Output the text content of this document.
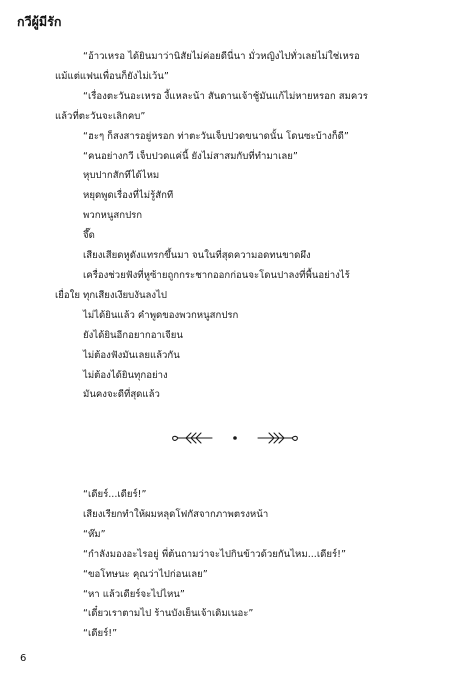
กวีผู้มีรัก

“อ้าวเหรอ ได้ยินมาว่านิสัยไม่ค่อยดีนี่นา มั่วหญิงไปทั่วเลยไม่ใช่เหรอ

แม้แต่แฟนเพื่อนก็ยังไม่เว้น”

“เรื่องตะวันอะเหรอ งี้แหละน้า สันดานเจ้าชู้มันแก้ไม่หายหรอก สมควร

แล้วที่ตะวันจะเลิกคบ”

“ฮะๆ ก็สงสารอยู่หรอก ท่าตะวันเจ็บปวดขนาดนั้น โดนซะบ้างก็ดี”

“คนอย่างกวี เจ็บปวดแค่นี้ ยังไม่สาสมกับที่ทำมาเลย”

หุบปากสักทีได้ไหม

หยุดพูดเรื่องที่ไม่รู้สักที

พวกหนูสกปรก

จึ๊ด

เสียงเสียดหูดังแทรกขึ้นมา จนในที่สุดความอดทนขาดผึง

เครื่องช่วยฟังที่หูซ้ายถูกกระชากออกก่อนจะโดนปาลงที่พื้นอย่างไร้

เยื่อใย ทุกเสียงเงียบงันลงไป

ไม่ได้ยินแล้ว คำพูดของพวกหนูสกปรก

ยังได้ยินอีกอยากอาเจียน

ไม่ต้องฟังมันเลยแล้วกัน

ไม่ต้องได้ยินทุกอย่าง

มันคงจะดีที่สุดแล้ว

“เดียร์...เดียร์!”

เสียงเรียกทำให้ผมหลุดโฟกัสจากภาพตรงหน้า

“ห๊ม”

“กำลังมองอะไรอยู่ พี่ต้นถามว่าจะไปกินข้าวด้วยกันไหม...เดียร์!”

“ขอโทษนะ คุณว่าไปก่อนเลย”

“หา แล้วเดียร์จะไปไหน”

“เดี๋ยวเราตามไป ร้านบังเย็นเจ้าเดิมเนอะ”

“เดียร์!”

6
